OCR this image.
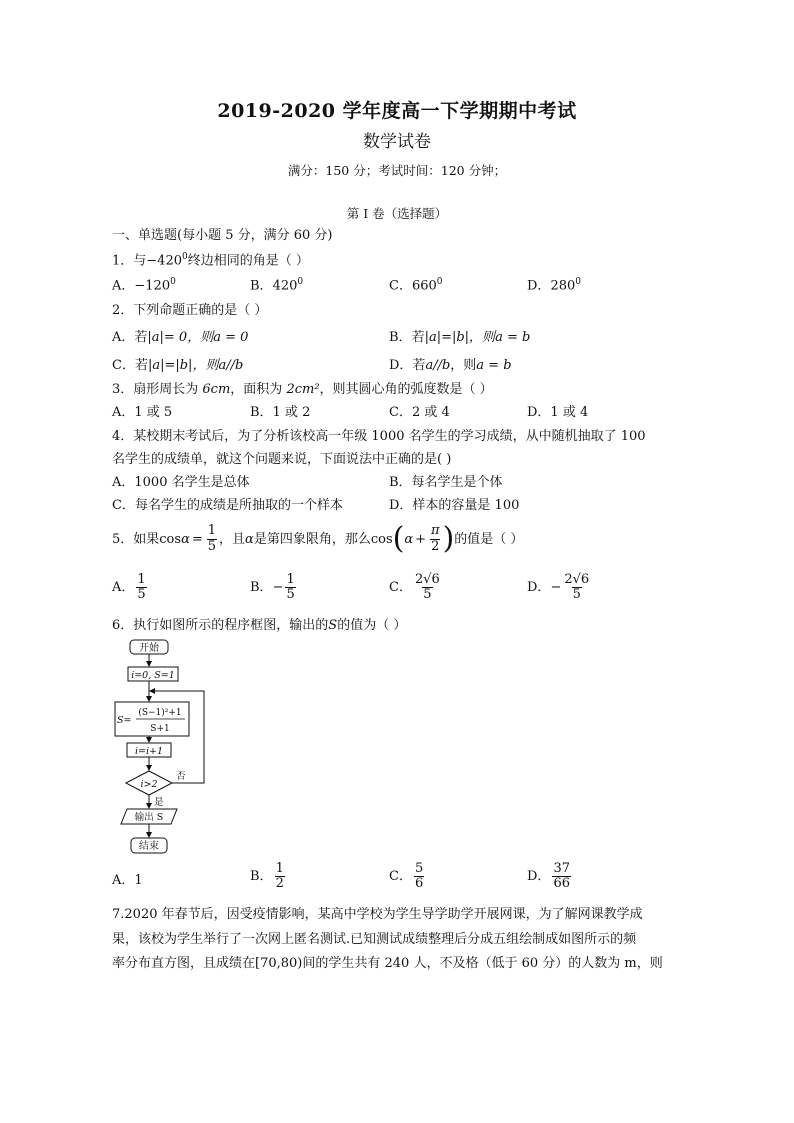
2019-2020 学年度高一下学期期中考试
数学试卷
满分：150 分；考试时间：120 分钟；
第 I 卷（选择题）
一、单选题(每小题 5 分，满分 60 分)
1．与$-420^0$终边相同的角是（ ）
A．$-120^0$	B．$420^0$	C．$660^0$	D．$280^0$
2．下列命题正确的是（ ）
A．若|a|= 0，则a = 0	B．若|a|=|b|，则a = b
C．若|a|=|b|，则a//b	D．若a//b，则a = b
3．扇形周长为 6cm，面积为 2cm²，则其圆心角的弧度数是（ ）
A．1 或 5	B．1 或 2	C．2 或 4	D．1 或 4
4．某校期末考试后，为了分析该校高一年级 1000 名学生的学习成绩，从中随机抽取了 100
名学生的成绩单，就这个问题来说，下面说法中正确的是( )
A．1000 名学生是总体	B．每名学生是个体
C．每名学生的成绩是所抽取的一个样本	D．样本的容量是 100
5．如果 $\cos \alpha = \frac{1}{5}$ ，且 α 是第四象限角，那么 cos ( $\alpha + \frac{\pi}{2}$ ) 的值是（ ）
A．
1
5	B． − $\frac{1}{5}$	C．
2√6
5	D． − $\frac{2√6}{5}$
6．执行如图所示的程序框图，输出的S的值为（ ）
开始
i=0, S=1
S=
(S−1)²+1
S+1
i=i+1
i>2
否
是
输出 S
结束
A．1	B．
1
2	C．
5
6	D．
37
66
7.2020 年春节后，因受疫情影响，某高中学校为学生导学助学开展网课，为了解网课教学成
果，该校为学生举行了一次网上匿名测试.已知测试成绩整理后分成五组绘制成如图所示的频
率分布直方图，且成绩在[70,80)间的学生共有 240 人，不及格（低于 60 分）的人数为 m，则
